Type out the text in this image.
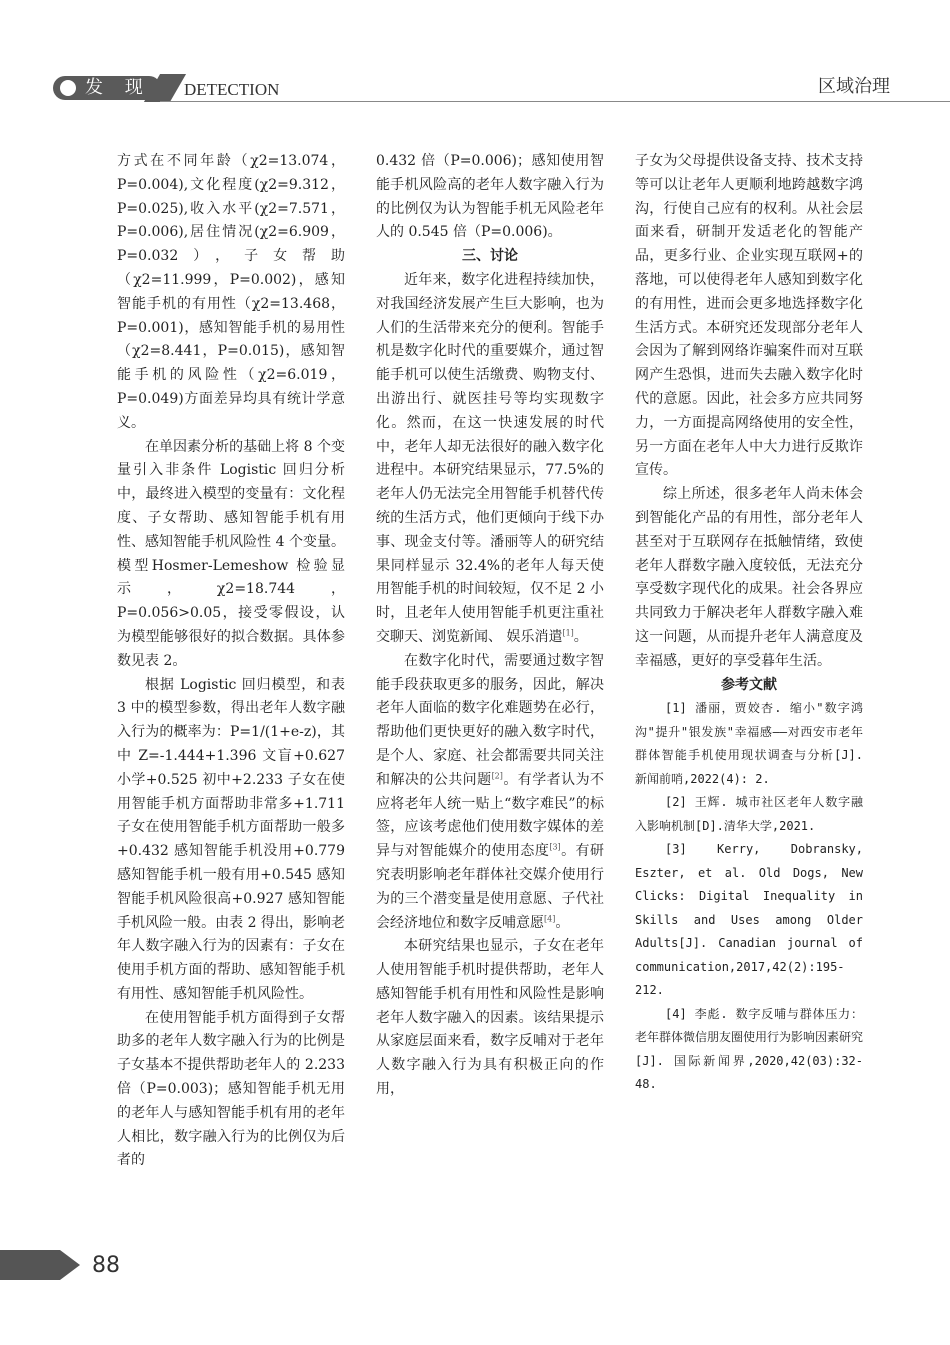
发 现 DETECTION	区域治理

方式在不同年龄（χ2=13.074，P=0.004),文化程度(χ2=9.312，P=0.025),收入水平(χ2=7.571，P=0.006),居住情况(χ2=6.909，P=0.032），子女帮助（χ2=11.999，P=0.002)，感知智能手机的有用性（χ2=13.468，P=0.001)，感知智能手机的易用性（χ2=8.441，P=0.015)，感知智能手机的风险性（χ2=6.019，P=0.049)方面差异均具有统计学意义。

在单因素分析的基础上将 8 个变量引入非条件 Logistic 回归分析中，最终进入模型的变量有：文化程度、子女帮助、感知智能手机有用性、感知智能手机风险性 4 个变量。模型Hosmer-Lemeshow 检验显示，χ2=18.744，P=0.056>0.05，接受零假设，认为模型能够很好的拟合数据。具体参数见表 2。

根据 Logistic 回归模型，和表 3 中的模型参数，得出老年人数字融入行为的概率为：P=1/(1+e-z)，其中 Z=-1.444+1.396 文盲+0.627 小学+0.525 初中+2.233 子女在使用智能手机方面帮助非常多+1.711 子女在使用智能手机方面帮助一般多+0.432 感知智能手机没用+0.779 感知智能手机一般有用+0.545 感知智能手机风险很高+0.927 感知智能手机风险一般。由表 2 得出，影响老年人数字融入行为的因素有：子女在使用手机方面的帮助、感知智能手机有用性、感知智能手机风险性。

在使用智能手机方面得到子女帮助多的老年人数字融入行为的比例是子女基本不提供帮助老年人的 2.233 倍（P=0.003)；感知智能手机无用的老年人与感知智能手机有用的老年人相比，数字融入行为的比例仅为后者的

0.432 倍（P=0.006)；感知使用智能手机风险高的老年人数字融入行为的比例仅为认为智能手机无风险老年人的 0.545 倍（P=0.006)。

三、讨论

近年来，数字化进程持续加快，对我国经济发展产生巨大影响，也为人们的生活带来充分的便利。智能手机是数字化时代的重要媒介，通过智能手机可以使生活缴费、购物支付、出游出行、就医挂号等均实现数字化。然而，在这一快速发展的时代中，老年人却无法很好的融入数字化进程中。本研究结果显示，77.5%的老年人仍无法完全用智能手机替代传统的生活方式，他们更倾向于线下办事、现金支付等。潘丽等人的研究结果同样显示 32.4%的老年人每天使用智能手机的时间较短，仅不足 2 小时，且老年人使用智能手机更注重社交聊天、浏览新闻、 娱乐消遣[1]。

在数字化时代，需要通过数字智能手段获取更多的服务，因此，解决老年人面临的数字化难题势在必行，帮助他们更快更好的融入数字时代，是个人、家庭、社会都需要共同关注和解决的公共问题[2]。有学者认为不应将老年人统一贴上“数字难民”的标签，应该考虑他们使用数字媒体的差异与对智能媒介的使用态度[3]。有研究表明影响老年群体社交媒介使用行为的三个潜变量是使用意愿、子代社会经济地位和数字反哺意愿[4]。

本研究结果也显示，子女在老年人使用智能手机时提供帮助，老年人感知智能手机有用性和风险性是影响老年人数字融入的因素。该结果提示从家庭层面来看，数字反哺对于老年人数字融入行为具有积极正向的作用，

子女为父母提供设备支持、技术支持等可以让老年人更顺利地跨越数字鸿沟，行使自己应有的权利。从社会层面来看，研制开发适老化的智能产品，更多行业、企业实现互联网+的落地，可以使得老年人感知到数字化的有用性，进而会更多地选择数字化生活方式。本研究还发现部分老年人会因为了解到网络诈骗案件而对互联网产生恐惧，进而失去融入数字化时代的意愿。因此，社会多方应共同努力，一方面提高网络使用的安全性，另一方面在老年人中大力进行反欺诈宣传。

综上所述，很多老年人尚未体会到智能化产品的有用性，部分老年人甚至对于互联网存在抵触情绪，致使老年人群数字融入度较低，无法充分享受数字现代化的成果。社会各界应共同致力于解决老年人群数字融入难这一问题，从而提升老年人满意度及幸福感，更好的享受暮年生活。

参考文献

[1] 潘丽，贾姣杏. 缩小"数字鸿沟"提升"银发族"幸福感——对西安市老年群体智能手机使用现状调查与分析[J]. 新闻前哨,2022(4): 2.

[2] 王辉. 城市社区老年人数字融入影响机制[D].清华大学,2021.

[3] Kerry, Dobransky, Eszter, et al. Old Dogs, New Clicks: Digital Inequality in Skills and Uses among Older Adults[J]. Canadian journal of communication,2017,42(2):195-212.

[4] 李彪. 数字反哺与群体压力：老年群体微信朋友圈使用行为影响因素研究[J]. 国际新闻界,2020,42(03):32-48.

88
